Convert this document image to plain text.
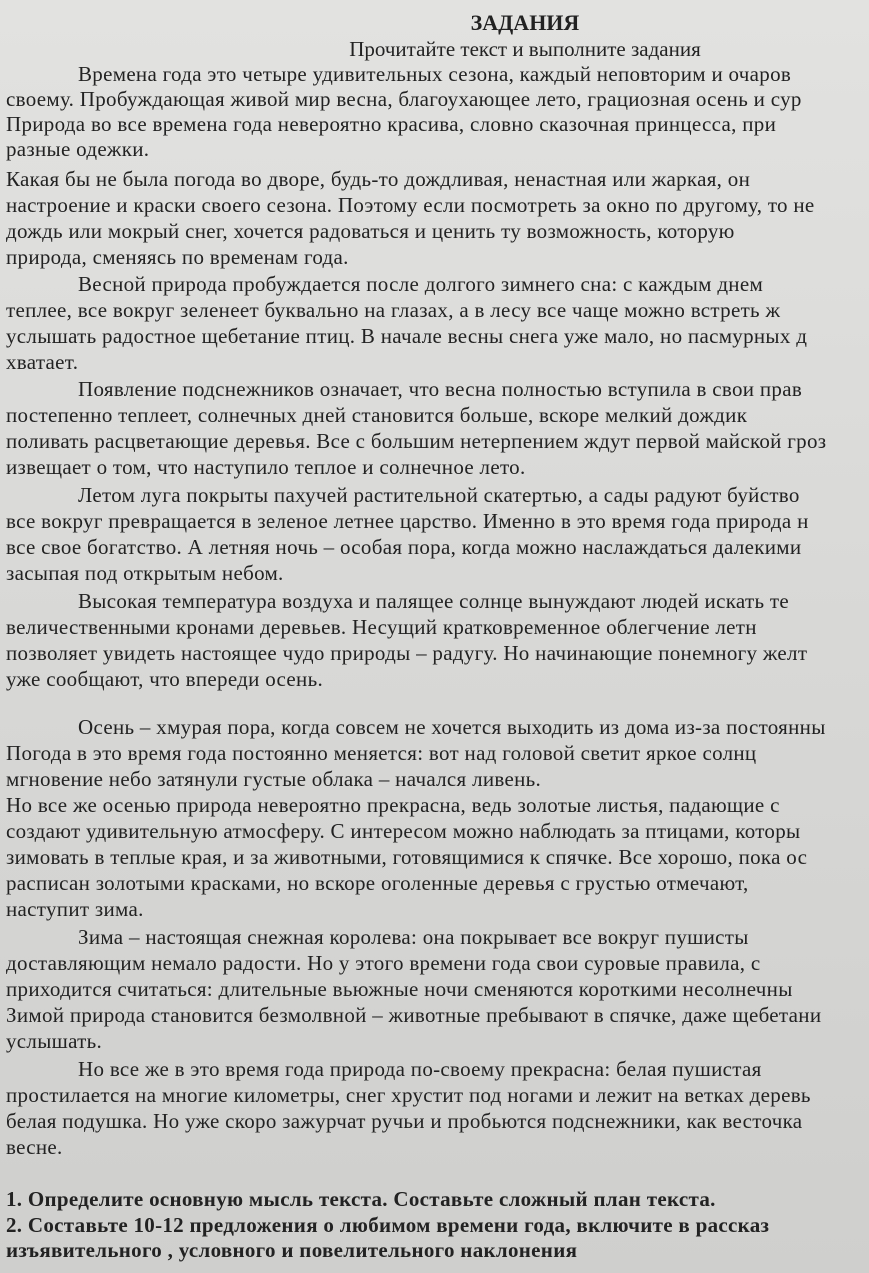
ЗАДАНИЯ
Прочитайте текст и выполните задания
Времена года это четыре удивительных сезона, каждый неповторим и очаров
своему. Пробуждающая живой мир весна, благоухающее лето, грациозная осень и сур
Природа во все времена года невероятно красива, словно сказочная принцесса, при
разные одежки.
Какая бы не была погода во дворе, будь-то дождливая, ненастная или жаркая, он
настроение и краски своего сезона. Поэтому если посмотреть за окно по другому, то не
дождь или мокрый снег, хочется радоваться и ценить ту возможность, которую
природа, сменяясь по временам года.
Весной природа пробуждается после долгого зимнего сна: с каждым днем
теплее, все вокруг зеленеет буквально на глазах, а в лесу все чаще можно встреть ж
услышать радостное щебетание птиц. В начале весны снега уже мало, но пасмурных д
хватает.
Появление подснежников означает, что весна полностью вступила в свои прав
постепенно теплеет, солнечных дней становится больше, вскоре мелкий дождик
поливать расцветающие деревья. Все с большим нетерпением ждут первой майской гроз
извещает о том, что наступило теплое и солнечное лето.
Летом луга покрыты пахучей растительной скатертью, а сады радуют буйство
все вокруг превращается в зеленое летнее царство. Именно в это время года природа н
все свое богатство. А летняя ночь – особая пора, когда можно наслаждаться далекими
засыпая под открытым небом.
Высокая температура воздуха и палящее солнце вынуждают людей искать те
величественными кронами деревьев. Несущий кратковременное облегчение летн
позволяет увидеть настоящее чудо природы – радугу. Но начинающие понемногу желт
уже сообщают, что впереди осень.
Осень – хмурая пора, когда совсем не хочется выходить из дома из-за постоянны
Погода в это время года постоянно меняется: вот над головой светит яркое солнц
мгновение небо затянули густые облака – начался ливень.
Но все же осенью природа невероятно прекрасна, ведь золотые листья, падающие с
создают удивительную атмосферу. С интересом можно наблюдать за птицами, которы
зимовать в теплые края, и за животными, готовящимися к спячке. Все хорошо, пока ос
расписан золотыми красками, но вскоре оголенные деревья с грустью отмечают,
наступит зима.
Зима – настоящая снежная королева: она покрывает все вокруг пушисты
доставляющим немало радости. Но у этого времени года свои суровые правила, с
приходится считаться: длительные вьюжные ночи сменяются короткими несолнечны
Зимой природа становится безмолвной – животные пребывают в спячке, даже щебетани
услышать.
Но все же в это время года природа по-своему прекрасна: белая пушистая
простилается на многие километры, снег хрустит под ногами и лежит на ветках деревь
белая подушка. Но уже скоро зажурчат ручьи и пробьются подснежники, как весточка
весне.
1. Определите основную мысль текста. Составьте сложный план текста.
2. Составьте 10-12 предложения о любимом времени года, включите в рассказ
изъявительного , условного и повелительного наклонения
